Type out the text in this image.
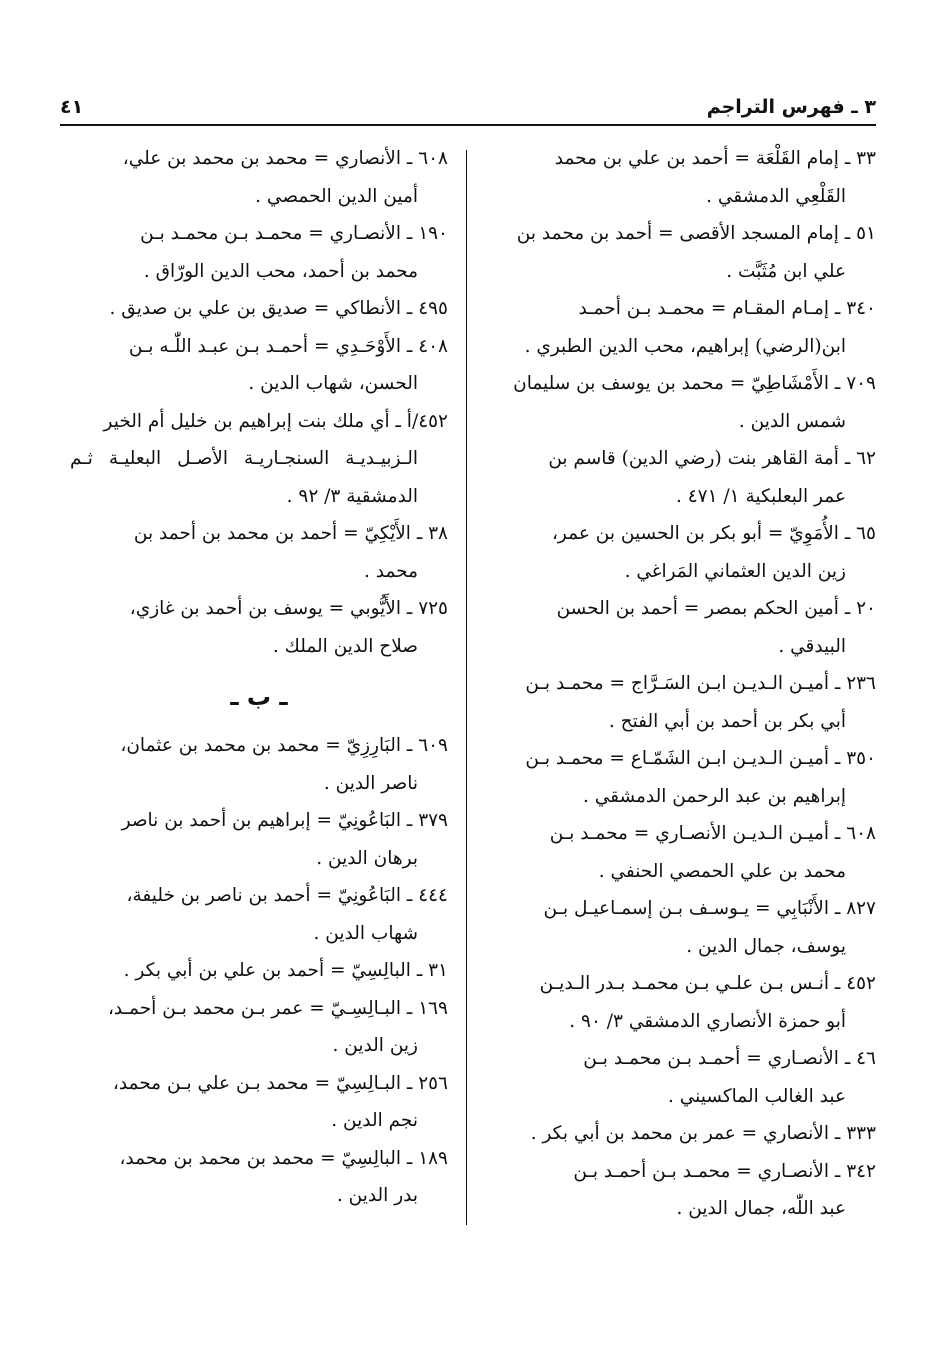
٣ ـ فهرس التراجم
٤١
٣٣ ـ إمام القَلْعَة = أحمد بن علي بن محمد
القَلْعِي الدمشقي .
٥١ ـ إمام المسجد الأقصى = أحمد بن محمد بن
علي ابن مُثَبَّت .
٣٤٠ ـ إمـام المقـام = محمـد بـن أحمـد
ابن(الرضي) إبراهيم، محب الدين الطبري .
٧٠٩ ـ الأَمْشَاطِيّ = محمد بن يوسف بن سليمان
شمس الدين .
٦٢ ـ أمة القاهر بنت (رضي الدين) قاسم بن
عمر البعلبكية ١/ ٤٧١ .
٦٥ ـ الأُمَوِيّ = أبو بكر بن الحسين بن عمر،
زين الدين العثماني المَراغي .
٢٠ ـ أمين الحكم بمصر = أحمد بن الحسن
البيدقي .
٢٣٦ ـ أميـن الـديـن ابـن السَـرَّاج = محمـد بـن
أبي بكر بن أحمد بن أبي الفتح .
٣٥٠ ـ أميـن الـديـن ابـن الشَمّـاع = محمـد بـن
إبراهيم بن عبد الرحمن الدمشقي .
٦٠٨ ـ أميـن الـديـن الأنصـاري = محمـد بـن
محمد بن علي الحمصي الحنفي .
٨٢٧ ـ الأَنْبَابِي = يـوسـف بـن إسمـاعيـل بـن
يوسف، جمال الدين .
٤٥٢ ـ أنـس بـن علـي بـن محمـد بـدر الـديـن
أبو حمزة الأنصاري الدمشقي ٣/ ٩٠ .
٤٦ ـ الأنصـاري = أحمـد بـن محمـد بـن
عبد الغالب الماكسيني .
٣٣٣ ـ الأنصاري = عمر بن محمد بن أبي بكر .
٣٤٢ ـ الأنصـاري = محمـد بـن أحمـد بـن
عبد اللّٰه، جمال الدين .
٦٠٨ ـ الأنصاري = محمد بن محمد بن علي،
أمين الدين الحمصي .
١٩٠ ـ الأنصـاري = محمـد بـن محمـد بـن
محمد بن أحمد، محب الدين الورّاق .
٤٩٥ ـ الأنطاكي = صديق بن علي بن صديق .
٤٠٨ ـ الأَوْحَـدِي = أحمـد بـن عبـد اللّٰـه بـن
الحسن، شهاب الدين .
٤٥٢/أ ـ أي ملك بنت إبراهيم بن خليل أم الخير
الـزبيـديـة السنجـاريـة الأصـل البعليـة ثـم الدمشقية ٣/ ٩٢ .
٣٨ ـ الأَيْكِيّ = أحمد بن محمد بن أحمد بن
محمد .
٧٢٥ ـ الأَيُّوبي = يوسف بن أحمد بن غازي،
صلاح الدين الملك .
ـ ب ـ
٦٠٩ ـ البَارِزِيّ = محمد بن محمد بن عثمان،
ناصر الدين .
٣٧٩ ـ البَاعُونِيّ = إبراهيم بن أحمد بن ناصر
برهان الدين .
٤٤٤ ـ البَاعُونِيّ = أحمد بن ناصر بن خليفة،
شهاب الدين .
٣١ ـ البالِسِيّ = أحمد بن علي بن أبي بكر .
١٦٩ ـ البـالِسِـيّ = عمر بـن محمد بـن أحمـد،
زين الدين .
٢٥٦ ـ البـالِسِيّ = محمد بـن علي بـن محمد،
نجم الدين .
١٨٩ ـ البالِسِيّ = محمد بن محمد بن محمد،
بدر الدين .
